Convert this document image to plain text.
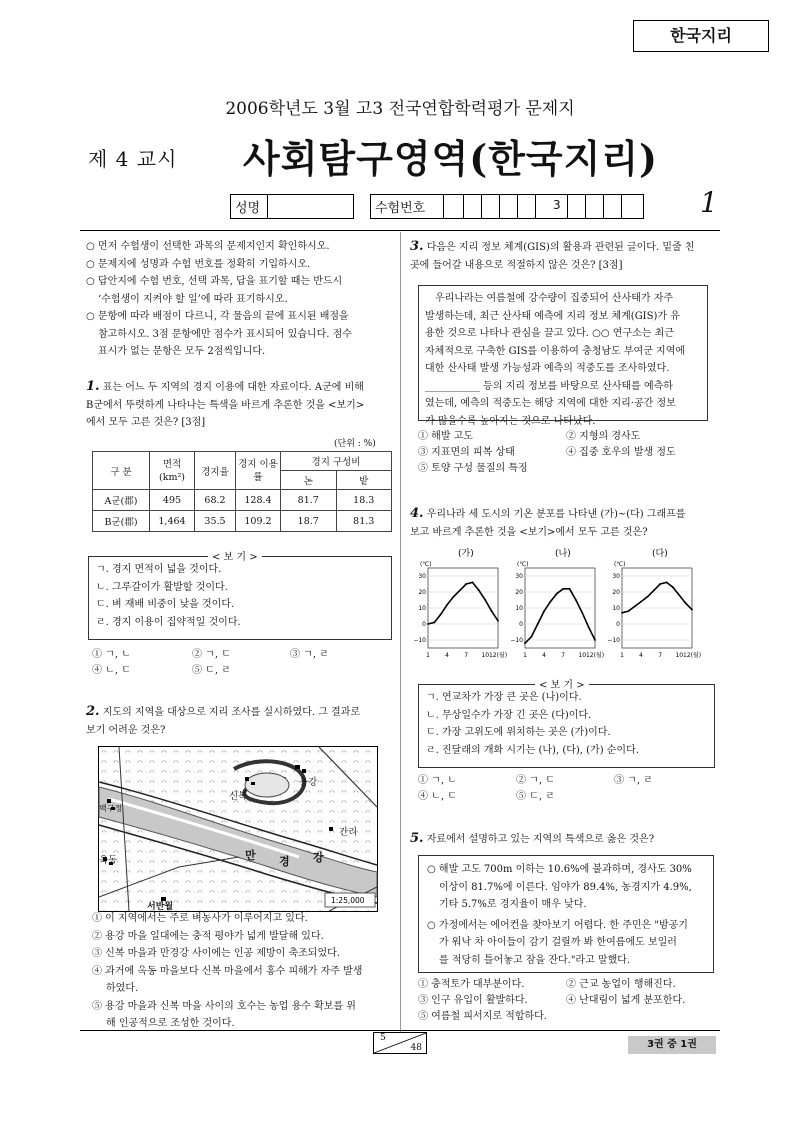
한국지리
2006학년도 3월 고3 전국연합학력평가 문제지
제 4 교시 사회탐구영역(한국지리)
성명	수험번호	3	1
○ 먼저 수험생이 선택한 과목의 문제지인지 확인하시오.
○ 문제지에 성명과 수험 번호를 정확히 기입하시오.
○ 답안지에 수험 번호, 선택 과목, 답을 표기할 때는 반드시
‘수험생이 지켜야 할 일’에 따라 표기하시오.
○ 문항에 따라 배점이 다르니, 각 물음의 끝에 표시된 배점을
참고하시오. 3점 문항에만 점수가 표시되어 있습니다. 점수
표시가 없는 문항은 모두 2점씩입니다.
1. 표는 어느 두 지역의 경지 이용에 대한 자료이다. A군에 비해
B군에서 뚜렷하게 나타나는 특색을 바르게 추론한 것을 <보기>
에서 모두 고른 것은? [3점]
(단위 : %)
구 분	면적
(km²)	경지율	경지 이용률	경지 구성비	
				논	밭
A군(郡)	495	68.2	128.4	81.7	18.3
B군(郡)	1,464	35.5	109.2	18.7	81.3
< 보 기 >
ㄱ. 경지 면적이 넓을 것이다.
ㄴ. 그루갈이가 활발할 것이다.
ㄷ. 벼 재배 비중이 낮을 것이다.
ㄹ. 경지 이용이 집약적일 것이다.
① ㄱ, ㄴ	② ㄱ, ㄷ	③ ㄱ, ㄹ
④ ㄴ, ㄷ	⑤ ㄷ, ㄹ
2. 지도의 지역을 대상으로 지리 조사를 실시하였다. 그 결과로
보기 어려운 것은?
용강
신복
백구정
간리
옥동	만 경 강
서반월
1:25,000
① 이 지역에서는 주로 벼농사가 이루어지고 있다.
② 용강 마을 일대에는 충적 평야가 넓게 발달해 있다.
③ 신복 마을과 만경강 사이에는 인공 제방이 축조되었다.
④ 과거에 옥동 마을보다 신복 마을에서 홍수 피해가 자주 발생
하였다.
⑤ 용강 마을과 신복 마을 사이의 호수는 농업 용수 확보를 위
해 인공적으로 조성한 것이다.
3. 다음은 지리 정보 체계(GIS)의 활용과 관련된 글이다. 밑줄 친
곳에 들어갈 내용으로 적절하지 않은 것은? [3점]
우리나라는 여름철에 강수량이 집중되어 산사태가 자주
발생하는데, 최근 산사태 예측에 지리 정보 체계(GIS)가 유
용한 것으로 나타나 관심을 끌고 있다. ○○ 연구소는 최근
자체적으로 구축한 GIS를 이용하여 충청남도 부여군 지역에
대한 산사태 발생 가능성과 예측의 적중도를 조사하였다.
___________ 등의 지리 정보를 바탕으로 산사태를 예측하
였는데, 예측의 적중도는 해당 지역에 대한 지리·공간 정보
가 많을수록 높아지는 것으로 나타났다.
① 해발 고도	② 지형의 경사도
③ 지표면의 피복 상태	④ 집중 호우의 발생 정도
⑤ 토양 구성 물질의 특징
4. 우리나라 세 도시의 기온 분포를 나타낸 (가)~(다) 그래프를
보고 바르게 추론한 것을 <보기>에서 모두 고른 것은?
(가)
(℃)
30
20
10
0
−10
1	4	7 10 12(월)
(나)
(℃)
30
20
10
0
−10
1	4	7 10 12(월)
(다)
(℃)
30
20
10
0
−10
1	4	7 10 12(월)
< 보 기 >
ㄱ. 연교차가 가장 큰 곳은 (나)이다.
ㄴ. 무상일수가 가장 긴 곳은 (다)이다.
ㄷ. 가장 고위도에 위치하는 곳은 (가)이다.
ㄹ. 진달래의 개화 시기는 (나), (다), (가) 순이다.
① ㄱ, ㄴ	② ㄱ, ㄷ	③ ㄱ, ㄹ
④ ㄴ, ㄷ	⑤ ㄷ, ㄹ
5. 자료에서 설명하고 있는 지역의 특색으로 옳은 것은?
○ 해발 고도 700m 이하는 10.6%에 불과하며, 경사도 30%
이상이 81.7%에 이른다. 임야가 89.4%, 농경지가 4.9%,
기타 5.7%로 경지율이 매우 낮다.
○ 가정에서는 에어컨을 찾아보기 어렵다. 한 주민은 "밤공기
가 워낙 차 아이들이 감기 걸릴까 봐 한여름에도 보일러
를 적당히 틀어놓고 잠을 잔다."라고 말했다.
① 충적토가 대부분이다.	② 근교 농업이 행해진다.
③ 인구 유입이 활발하다.	④ 난대림이 넓게 분포한다.
⑤ 여름철 피서지로 적합하다.
5
48	3권 중 1권
